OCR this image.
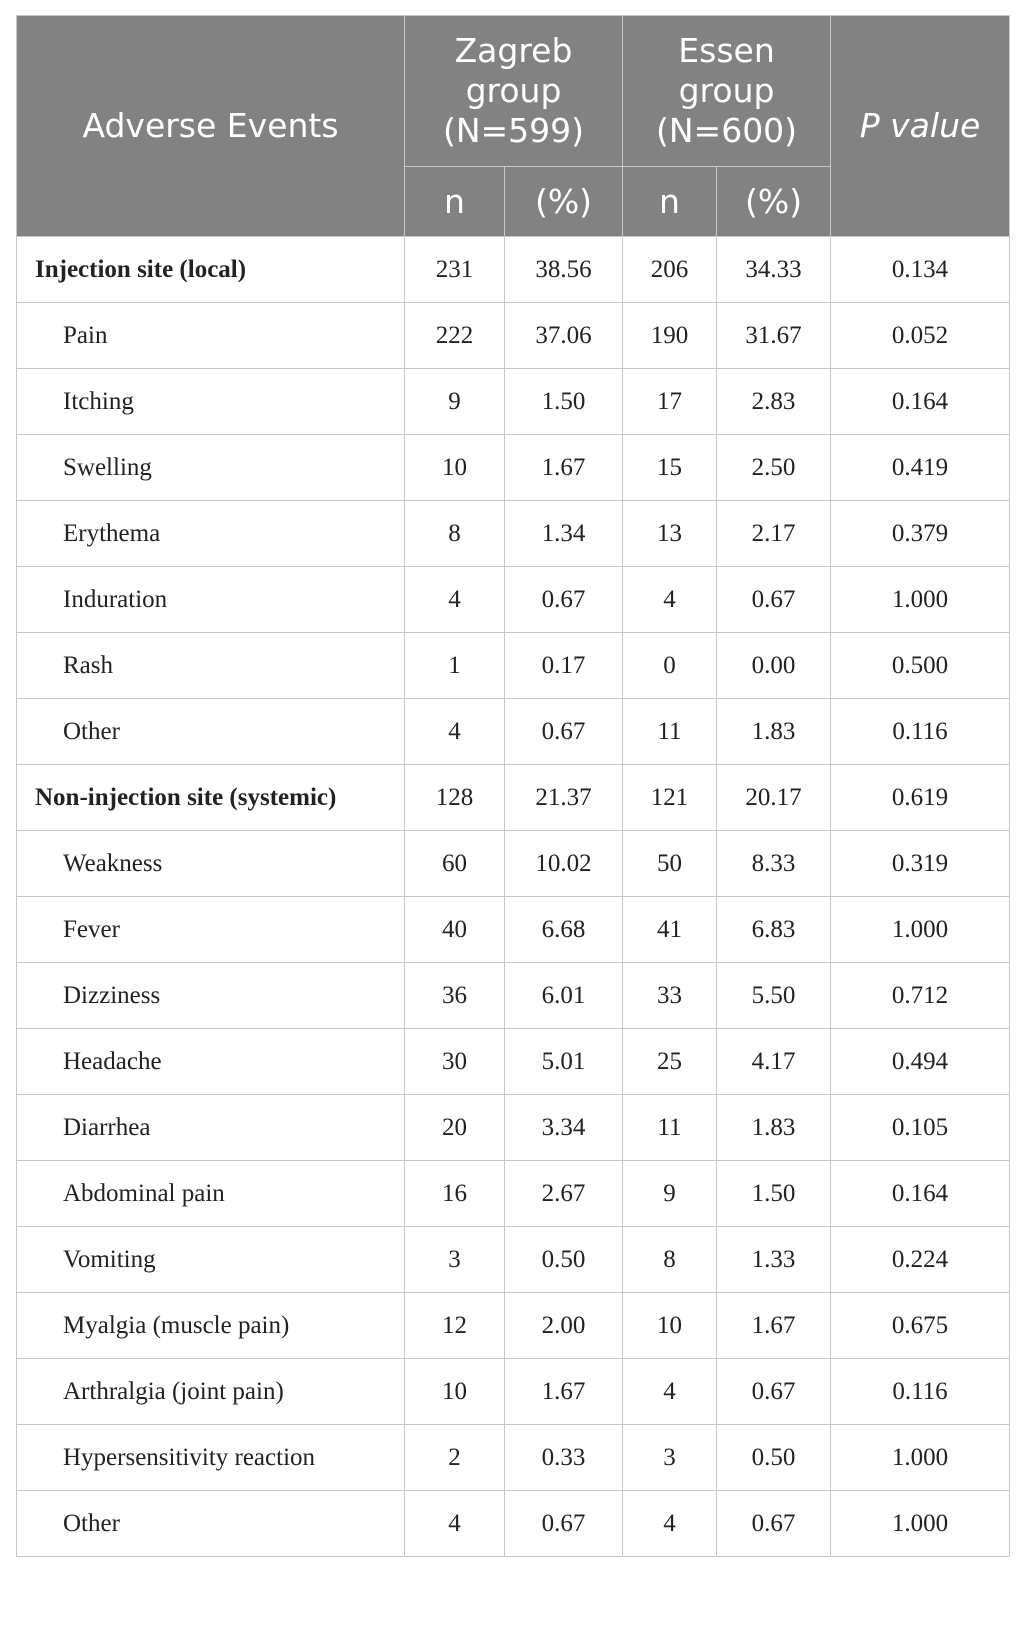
Adverse Events	Zagreb group (N=599)		Essen group (N=600)		P value
	n	(%)	n	(%)	
Injection site (local)	231	38.56	206	34.33	0.134
Pain	222	37.06	190	31.67	0.052
Itching	9	1.50	17	2.83	0.164
Swelling	10	1.67	15	2.50	0.419
Erythema	8	1.34	13	2.17	0.379
Induration	4	0.67	4	0.67	1.000
Rash	1	0.17	0	0.00	0.500
Other	4	0.67	11	1.83	0.116
Non-injection site (systemic)	128	21.37	121	20.17	0.619
Weakness	60	10.02	50	8.33	0.319
Fever	40	6.68	41	6.83	1.000
Dizziness	36	6.01	33	5.50	0.712
Headache	30	5.01	25	4.17	0.494
Diarrhea	20	3.34	11	1.83	0.105
Abdominal pain	16	2.67	9	1.50	0.164
Vomiting	3	0.50	8	1.33	0.224
Myalgia (muscle pain)	12	2.00	10	1.67	0.675
Arthralgia (joint pain)	10	1.67	4	0.67	0.116
Hypersensitivity reaction	2	0.33	3	0.50	1.000
Other	4	0.67	4	0.67	1.000
